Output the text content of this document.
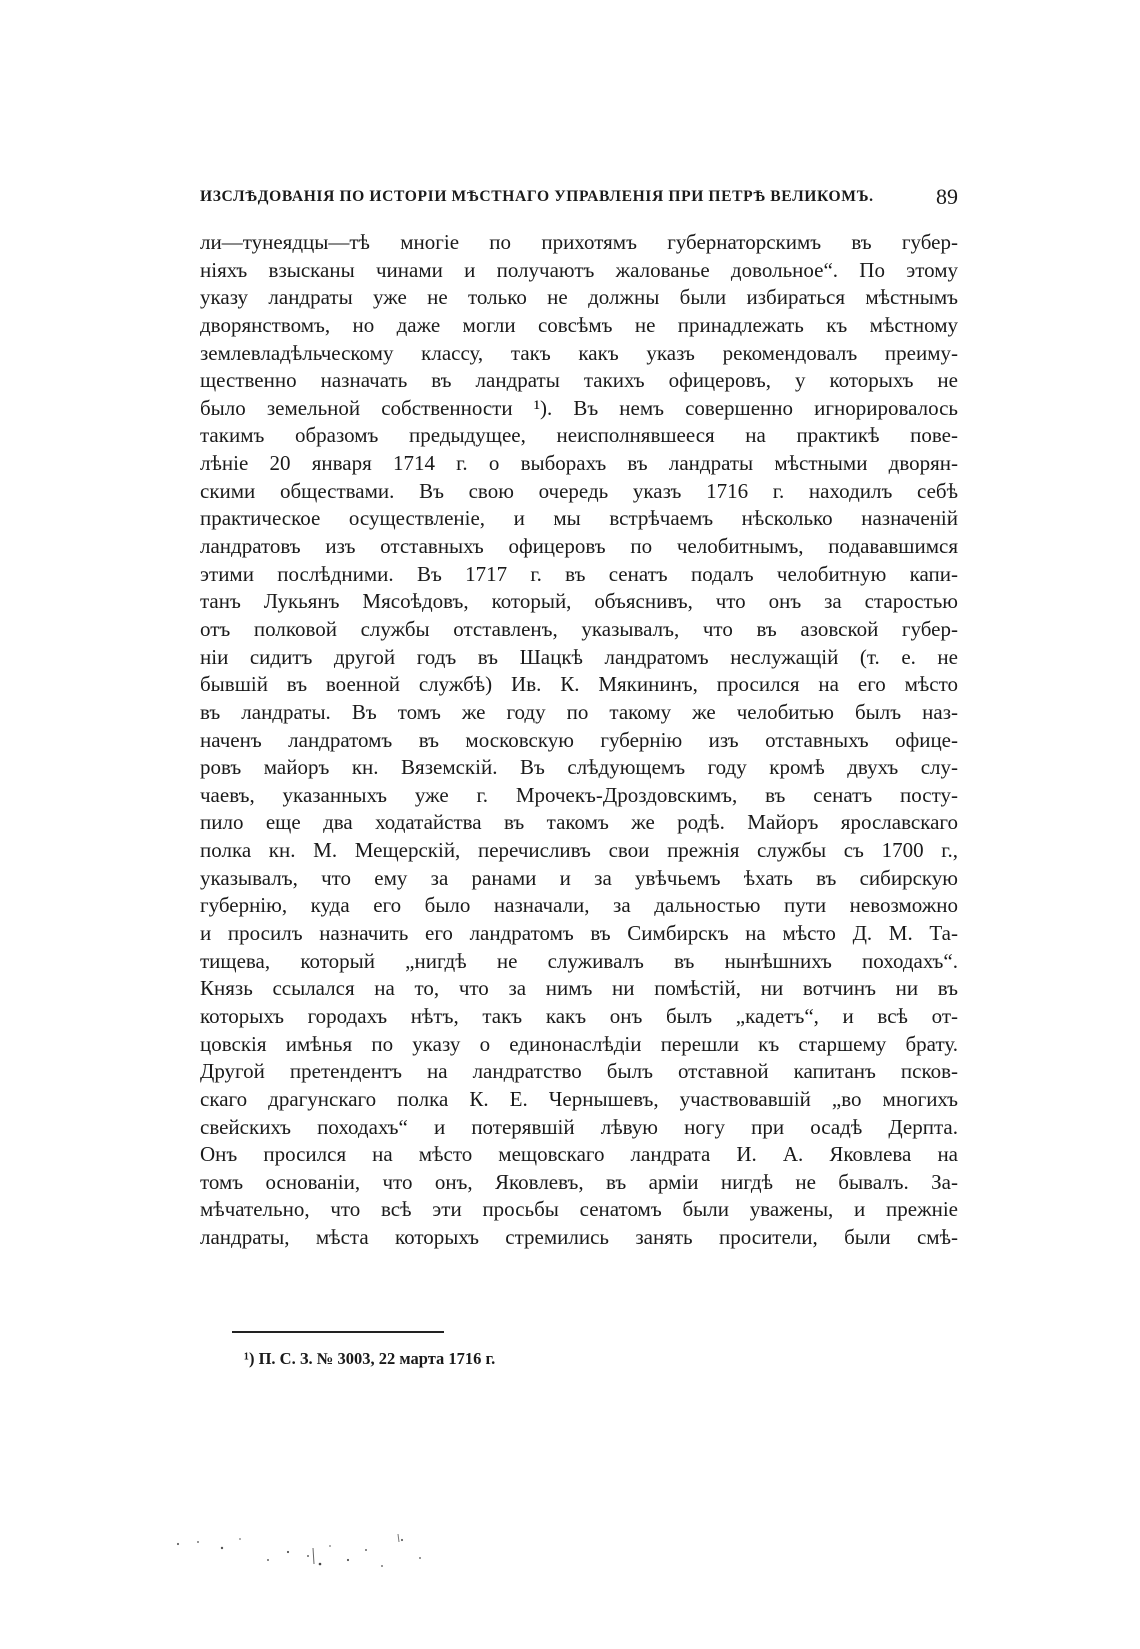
ИЗСЛѢДОВАНІЯ ПО ИСТОРІИ МѢСТНАГО УПРАВЛЕНІЯ ПРИ ПЕТРѢ ВЕЛИКОМЪ.	89
ли—тунеядцы—тѣ многіе по прихотямъ губернаторскимъ въ губер-
ніяхъ взысканы чинами и получаютъ жалованье довольное“. По этому
указу ландраты уже не только не должны были избираться мѣстнымъ
дворянствомъ, но даже могли совсѣмъ не принадлежать къ мѣстному
землевладѣльческому классу, такъ какъ указъ рекомендовалъ преиму-
щественно назначать въ ландраты такихъ офицеровъ, у которыхъ не
было земельной собственности ¹). Въ немъ совершенно игнорировалось
такимъ образомъ предыдущее, неисполнявшееся на практикѣ пове-
лѣніе 20 января 1714 г. о выборахъ въ ландраты мѣстными дворян-
скими обществами. Въ свою очередь указъ 1716 г. находилъ себѣ
практическое осуществленіе, и мы встрѣчаемъ нѣсколько назначеній
ландратовъ изъ отставныхъ офицеровъ по челобитнымъ, подававшимся
этими послѣдними. Въ 1717 г. въ сенатъ подалъ челобитную капи-
танъ Лукьянъ Мясоѣдовъ, который, объяснивъ, что онъ за старостью
отъ полковой службы отставленъ, указывалъ, что въ азовской губер-
ніи сидитъ другой годъ въ Шацкѣ ландратомъ неслужащій (т. е. не
бывшій въ военной службѣ) Ив. К. Мякининъ, просился на его мѣсто
въ ландраты. Въ томъ же году по такому же челобитью былъ наз-
наченъ ландратомъ въ московскую губернію изъ отставныхъ офице-
ровъ майоръ кн. Вяземскій. Въ слѣдующемъ году кромѣ двухъ слу-
чаевъ, указанныхъ уже г. Мрочекъ-Дроздовскимъ, въ сенатъ посту-
пило еще два ходатайства въ такомъ же родѣ. Майоръ ярославскаго
полка кн. М. Мещерскій, перечисливъ свои прежнія службы съ 1700 г.,
указывалъ, что ему за ранами и за увѣчьемъ ѣхать въ сибирскую
губернію, куда его было назначали, за дальностью пути невозможно
и просилъ назначить его ландратомъ въ Симбирскъ на мѣсто Д. М. Та-
тищева, который „нигдѣ не служивалъ въ нынѣшнихъ походахъ“.
Князь ссылался на то, что за нимъ ни помѣстій, ни вотчинъ ни въ
которыхъ городахъ нѣтъ, такъ какъ онъ былъ „кадетъ“, и всѣ от-
цовскія имѣнья по указу о единонаслѣдіи перешли къ старшему брату.
Другой претендентъ на ландратство былъ отставной капитанъ псков-
скаго драгунскаго полка К. Е. Чернышевъ, участвовавшій „во многихъ
свейскихъ походахъ“ и потерявшій лѣвую ногу при осадѣ Дерпта.
Онъ просился на мѣсто мещовскаго ландрата И. А. Яковлева на
томъ основаніи, что онъ, Яковлевъ, въ арміи нигдѣ не бывалъ. За-
мѣчательно, что всѣ эти просьбы сенатомъ были уважены, и прежніе
ландраты, мѣста которыхъ стремились занять просители, были смѣ-
¹) П. С. З. № 3003, 22 марта 1716 г.
